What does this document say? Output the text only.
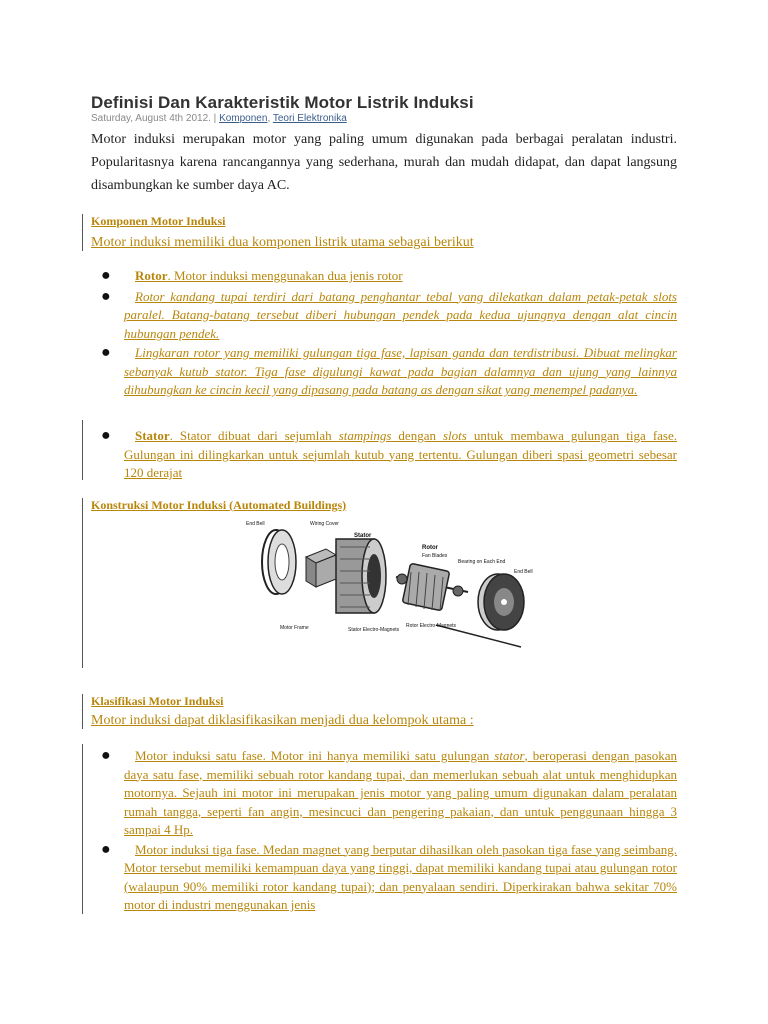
Definisi Dan Karakteristik Motor Listrik Induksi
Saturday, August 4th 2012. | Komponen, Teori Elektronika
Motor induksi merupakan motor yang paling umum digunakan pada berbagai peralatan industri. Popularitasnya karena rancangannya yang sederhana, murah dan mudah didapat, dan dapat langsung disambungkan ke sumber daya AC.
Komponen Motor Induksi
Motor induksi memiliki dua komponen listrik utama sebagai berikut
● Rotor. Motor induksi menggunakan dua jenis rotor
● Rotor kandang tupai terdiri dari batang penghantar tebal yang dilekatkan dalam petak-petak slots paralel. Batang-batang tersebut diberi hubungan pendek pada kedua ujungnya dengan alat cincin hubungan pendek.
● Lingkaran rotor yang memiliki gulungan tiga fase, lapisan ganda dan terdistribusi. Dibuat melingkar sebanyak kutub stator. Tiga fase digulungi kawat pada bagian dalamnya dan ujung yang lainnya dihubungkan ke cincin kecil yang dipasang pada batang as dengan sikat yang menempel padanya.
● Stator. Stator dibuat dari sejumlah stampings dengan slots untuk membawa gulungan tiga fase. Gulungan ini dilingkarkan untuk sejumlah kutub yang tertentu. Gulungan diberi spasi geometri sebesar 120 derajat
Konstruksi Motor Induksi (Automated Buildings)
End Bell	Wiring Cover
Stator
Rotor
Fan Blades
Bearing on Each End
End Bell
Motor Frame	Stator Electro-Magnets
Rotor Electro-Magnets
Klasifikasi Motor Induksi
Motor induksi dapat diklasifikasikan menjadi dua kelompok utama :
● Motor induksi satu fase. Motor ini hanya memiliki satu gulungan stator, beroperasi dengan pasokan daya satu fase, memiliki sebuah rotor kandang tupai, dan memerlukan sebuah alat untuk menghidupkan motornya. Sejauh ini motor ini merupakan jenis motor yang paling umum digunakan dalam peralatan rumah tangga, seperti fan angin, mesincuci dan pengering pakaian, dan untuk penggunaan hingga 3 sampai 4 Hp.
● Motor induksi tiga fase. Medan magnet yang berputar dihasilkan oleh pasokan tiga fase yang seimbang. Motor tersebut memiliki kemampuan daya yang tinggi, dapat memiliki kandang tupai atau gulungan rotor (walaupun 90% memiliki rotor kandang tupai); dan penyalaan sendiri. Diperkirakan bahwa sekitar 70% motor di industri menggunakan jenis
